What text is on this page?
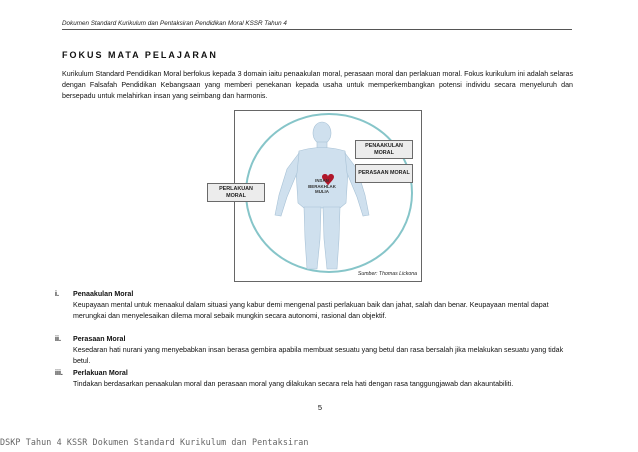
Dokumen Standard Kurikulum dan Pentaksiran Pendidikan Moral KSSR Tahun 4
FOKUS MATA PELAJARAN

Kurikulum Standard Pendidikan Moral berfokus kepada 3 domain iaitu penaakulan moral, perasaan moral dan perlakuan moral. Fokus kurikulum ini adalah selaras dengan Falsafah Pendidikan Kebangsaan yang memberi penekanan kepada usaha untuk memperkembangkan potensi individu secara menyeluruh dan bersepadu untuk melahirkan insan yang seimbang dan harmonis.

INSAN BERAKHLAK MULIA
PENAAKULAN MORAL
PERASAAN MORAL
PERLAKUAN MORAL
Sumber: Thomas Lickona
i. Penaakulan Moral

Keupayaan mental untuk menaakul dalam situasi yang kabur demi mengenal pasti perlakuan baik dan jahat, salah dan benar. Keupayaan mental dapat merungkai dan menyelesaikan dilema moral sebaik mungkin secara autonomi, rasional dan objektif.

ii. Perasaan Moral

Kesedaran hati nurani yang menyebabkan insan berasa gembira apabila membuat sesuatu yang betul dan rasa bersalah jika melakukan sesuatu yang tidak betul.

iii. Perlakuan Moral

Tindakan berdasarkan penaakulan moral dan perasaan moral yang dilakukan secara rela hati dengan rasa tanggungjawab dan akauntabiliti.

5
DSKP Tahun 4 KSSR Dokumen Standard Kurikulum dan Pentaksiran
